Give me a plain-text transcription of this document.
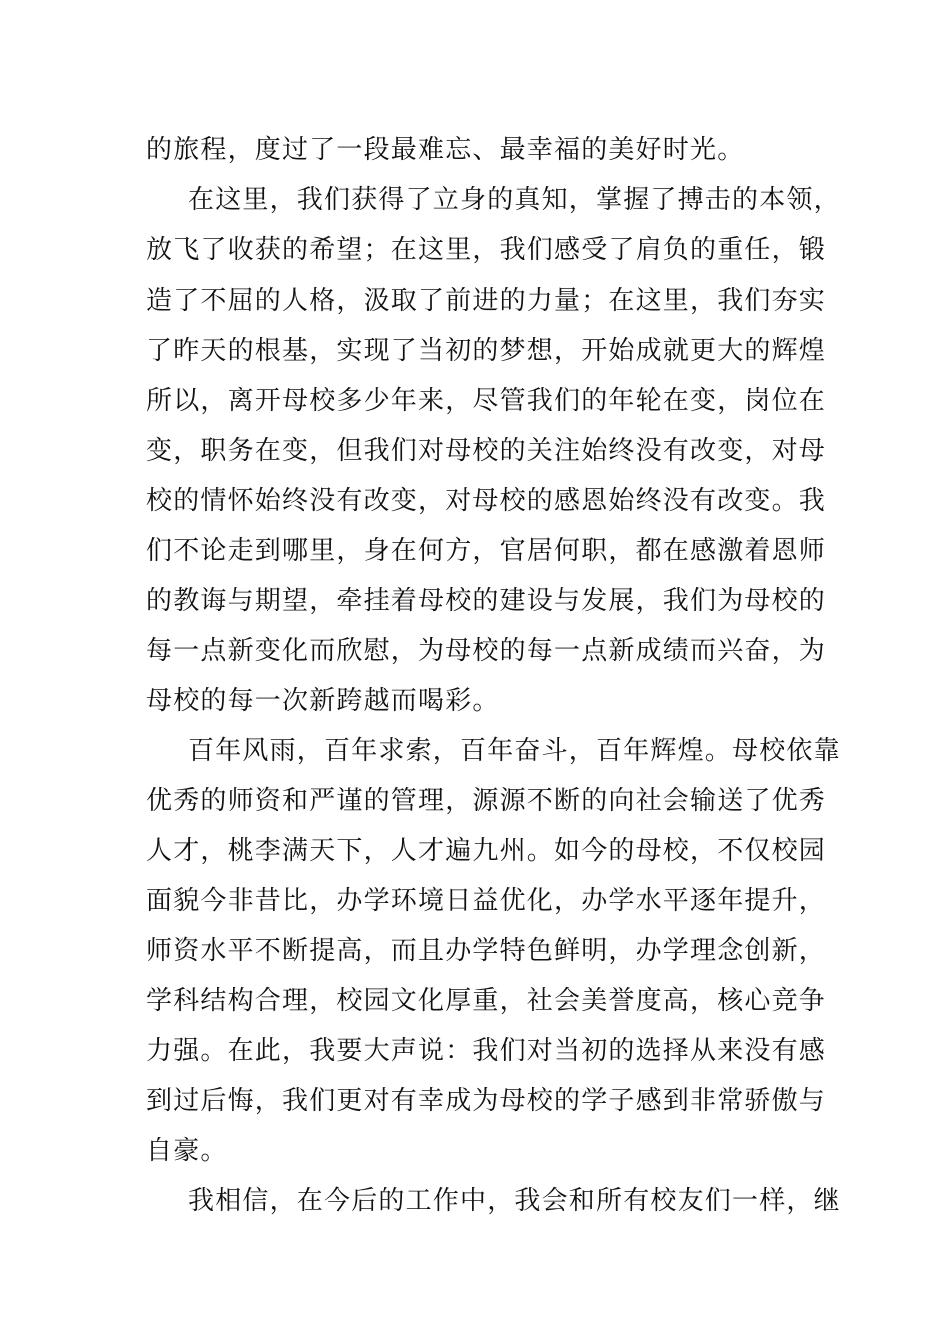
的旅程，度过了一段最难忘、最幸福的美好时光。
在这里，我们获得了立身的真知，掌握了搏击的本领，
放飞了收获的希望；在这里，我们感受了肩负的重任，锻
造了不屈的人格，汲取了前进的力量；在这里，我们夯实
了昨天的根基，实现了当初的梦想，开始成就更大的辉煌
所以，离开母校多少年来，尽管我们的年轮在变，岗位在
变，职务在变，但我们对母校的关注始终没有改变，对母
校的情怀始终没有改变，对母校的感恩始终没有改变。我
们不论走到哪里，身在何方，官居何职，都在感激着恩师
的教诲与期望，牵挂着母校的建设与发展，我们为母校的
每一点新变化而欣慰，为母校的每一点新成绩而兴奋，为
母校的每一次新跨越而喝彩。
百年风雨，百年求索，百年奋斗，百年辉煌。母校依靠
优秀的师资和严谨的管理，源源不断的向社会输送了优秀
人才，桃李满天下，人才遍九州。如今的母校，不仅校园
面貌今非昔比，办学环境日益优化，办学水平逐年提升，
师资水平不断提高，而且办学特色鲜明，办学理念创新，
学科结构合理，校园文化厚重，社会美誉度高，核心竞争
力强。在此，我要大声说：我们对当初的选择从来没有感
到过后悔，我们更对有幸成为母校的学子感到非常骄傲与
自豪。
我相信，在今后的工作中，我会和所有校友们一样，继
